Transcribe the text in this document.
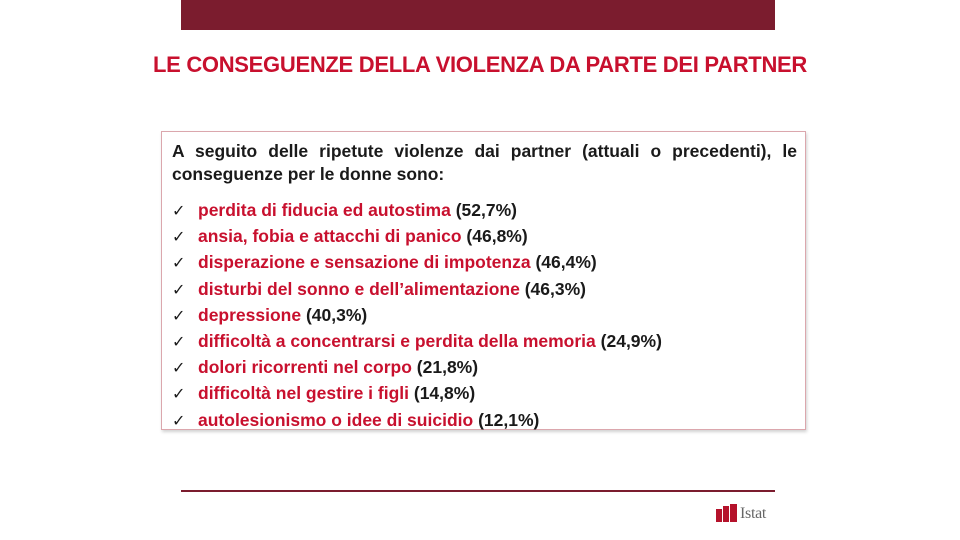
LE CONSEGUENZE DELLA VIOLENZA DA PARTE DEI PARTNER

A seguito delle ripetute violenze dai partner (attuali o precedenti), le conseguenze per le donne sono:

✓ perdita di fiducia ed autostima (52,7%)
✓ ansia, fobia e attacchi di panico (46,8%)
✓ disperazione e sensazione di impotenza (46,4%)
✓ disturbi del sonno e dell’alimentazione (46,3%)
✓ depressione (40,3%)
✓ difficoltà a concentrarsi e perdita della memoria (24,9%)
✓ dolori ricorrenti nel corpo (21,8%)
✓ difficoltà nel gestire i figli (14,8%)
✓ autolesionismo o idee di suicidio (12,1%)
Istat
